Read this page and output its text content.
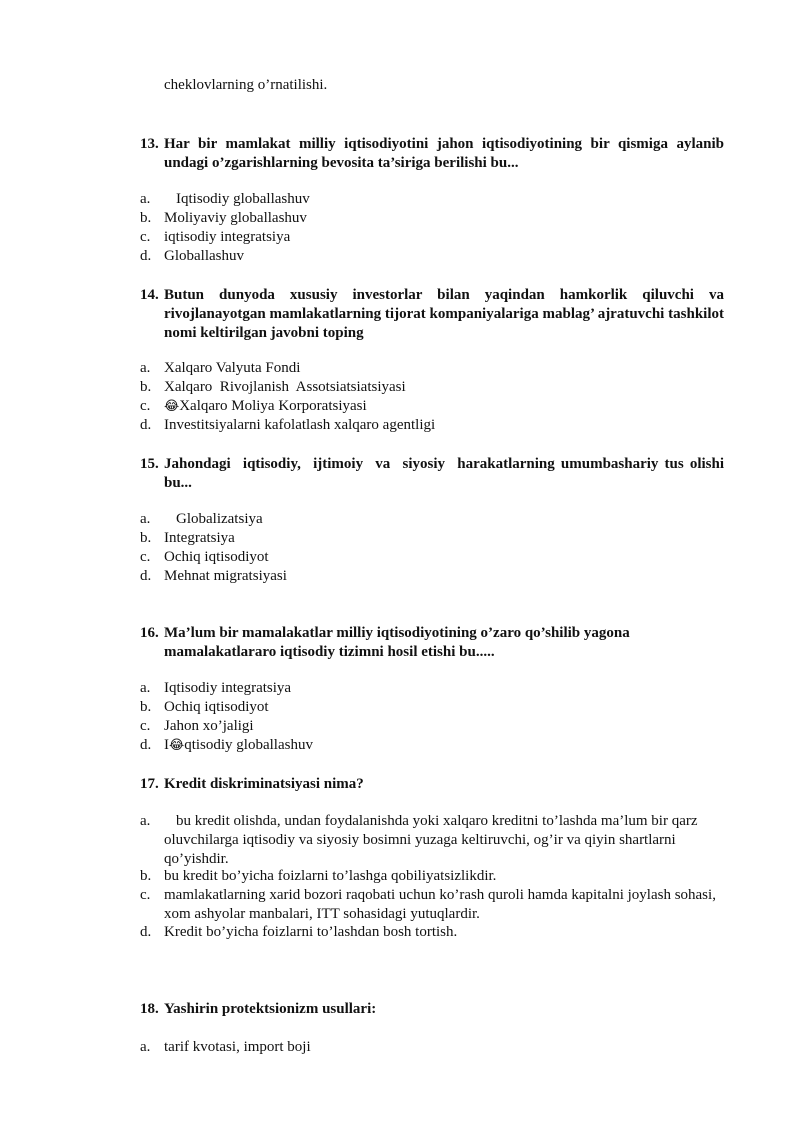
cheklovlarning o’rnatilishi.
13. Har bir mamlakat milliy iqtisodiyotini jahon iqtisodiyotining bir qismiga aylanib undagi o’zgarishlarning bevosita ta’siriga berilishi bu...
a.	Iqtisodiy globallashuv
b. Moliyaviy globallashuv
c. iqtisodiy integratsiya
d. Globallashuv
14. Butun dunyoda xususiy investorlar bilan yaqindan hamkorlik qiluvchi va rivojlanayotgan mamlakatlarning tijorat kompaniyalariga mablag’ ajratuvchi tashkilot nomi keltirilgan javobni toping
a. Xalqaro Valyuta Fondi
b. Xalqaro  Rivojlanish  Assotsiatsiatsiyasi
c.	😂Xalqaro Moliya Korporatsiyasi
d. Investitsiyalarni kafolatlash xalqaro agentligi
15. Jahondagi  iqtisodiy,  ijtimoiy  va  siyosiy  harakatlarning umumbashariy tus olishi bu...
a.	Globalizatsiya
b. Integratsiya
c. Ochiq iqtisodiyot
d. Mehnat migratsiyasi
16. Ma’lum bir mamalakatlar milliy iqtisodiyotining o’zaro qo’shilib yagona mamalakatlararo iqtisodiy tizimni hosil etishi bu.....
a. Iqtisodiy integratsiya
b. Ochiq iqtisodiyot
c. Jahon xo’jaligi
d. I😂qtisodiy globallashuv
17. Kredit diskriminatsiyasi nima?
a.	bu kredit olishda, undan foydalanishda yoki xalqaro kreditni to’lashda ma’lum bir qarz oluvchilarga iqtisodiy va siyosiy bosimni yuzaga keltiruvchi, og’ir va qiyin shartlarni qo’yishdir.
b. bu kredit bo’yicha foizlarni to’lashga qobiliyatsizlikdir.
c. mamlakatlarning xarid bozori raqobati uchun ko’rash quroli hamda kapitalni joylash sohasi, xom ashyolar manbalari, ITT sohasidagi yutuqlardir.
d. Kredit bo’yicha foizlarni to’lashdan bosh tortish.
18. Yashirin protektsionizm usullari:
a. tarif kvotasi, import boji
